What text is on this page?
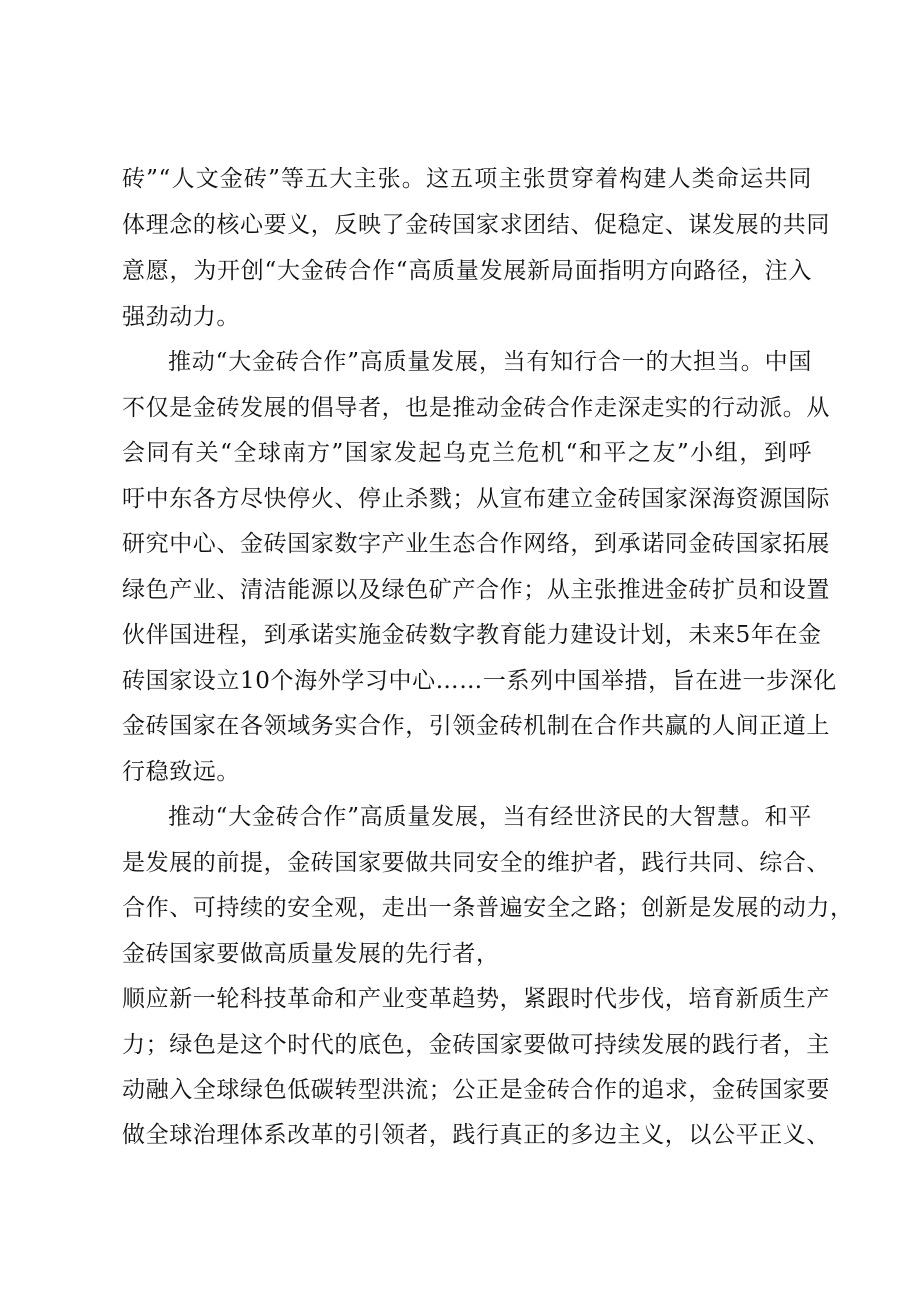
砖”“人文金砖”等五大主张。这五项主张贯穿着构建人类命运共同
体理念的核心要义，反映了金砖国家求团结、促稳定、谋发展的共同
意愿，为开创“大金砖合作“高质量发展新局面指明方向路径，注入
强劲动力。
推动“大金砖合作”高质量发展，当有知行合一的大担当。中国
不仅是金砖发展的倡导者，也是推动金砖合作走深走实的行动派。从
会同有关“全球南方”国家发起乌克兰危机“和平之友”小组，到呼
吁中东各方尽快停火、停止杀戮；从宣布建立金砖国家深海资源国际
研究中心、金砖国家数字产业生态合作网络，到承诺同金砖国家拓展
绿色产业、清洁能源以及绿色矿产合作；从主张推进金砖扩员和设置
伙伴国进程，到承诺实施金砖数字教育能力建设计划，未来5年在金
砖国家设立10个海外学习中心……一系列中国举措，旨在进一步深化
金砖国家在各领域务实合作，引领金砖机制在合作共赢的人间正道上
行稳致远。
推动“大金砖合作”高质量发展，当有经世济民的大智慧。和平
是发展的前提，金砖国家要做共同安全的维护者，践行共同、综合、
合作、可持续的安全观，走出一条普遍安全之路；创新是发展的动力，
金砖国家要做高质量发展的先行者，
顺应新一轮科技革命和产业变革趋势，紧跟时代步伐，培育新质生产
力；绿色是这个时代的底色，金砖国家要做可持续发展的践行者，主
动融入全球绿色低碳转型洪流；公正是金砖合作的追求，金砖国家要
做全球治理体系改革的引领者，践行真正的多边主义，以公平正义、
